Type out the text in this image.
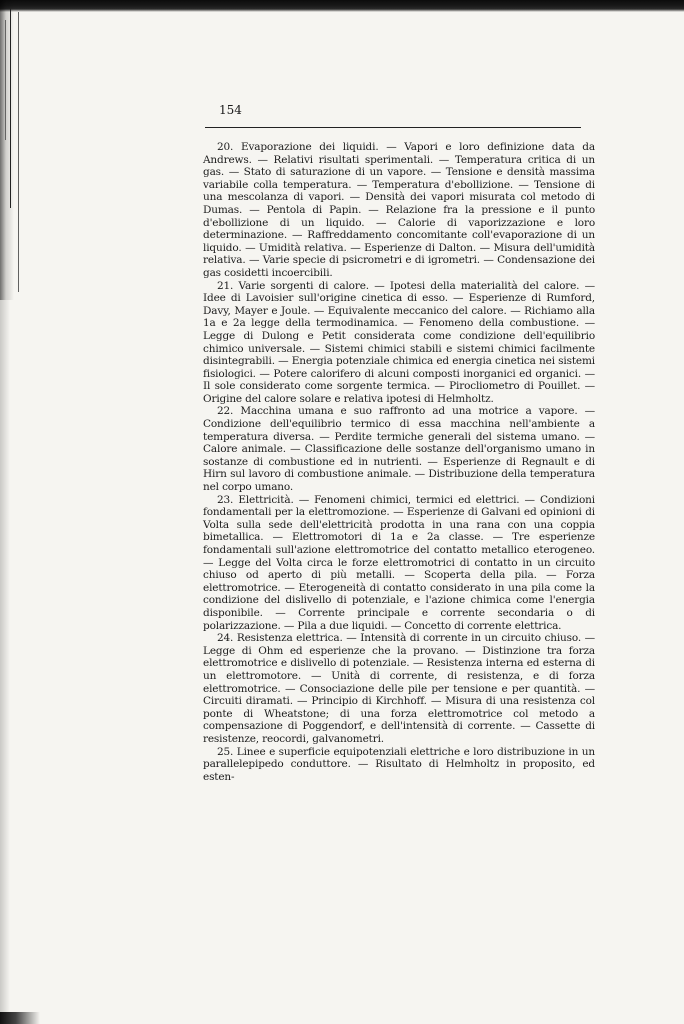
154

20. Evaporazione dei liquidi. — Vapori e loro definizione data da Andrews. — Relativi risultati sperimentali. — Temperatura critica di un gas. — Stato di saturazione di un vapore. — Tensione e densità massima variabile colla temperatura. — Temperatura d'ebollizione. — Tensione di una mescolanza di vapori. — Densità dei vapori misurata col metodo di Dumas. — Pentola di Papin. — Relazione fra la pressione e il punto d'ebollizione di un liquido. — Calorie di vaporizzazione e loro determinazione. — Raffreddamento concomitante coll'evaporazione di un liquido. — Umidità relativa. — Esperienze di Dalton. — Misura dell'umidità relativa. — Varie specie di psicrometri e di igrometri. — Condensazione dei gas cosidetti incoercibili.

21. Varie sorgenti di calore. — Ipotesi della materialità del calore. — Idee di Lavoisier sull'origine cinetica di esso. — Esperienze di Rumford, Davy, Mayer e Joule. — Equivalente meccanico del calore. — Richiamo alla 1a e 2a legge della termodinamica. — Fenomeno della combustione. — Legge di Dulong e Petit considerata come condizione dell'equilibrio chimico universale. — Sistemi chimici stabili e sistemi chimici facilmente disintegrabili. — Energia potenziale chimica ed energia cinetica nei sistemi fisiologici. — Potere calorifero di alcuni composti inorganici ed organici. — Il sole considerato come sorgente termica. — Pirocliometro di Pouillet. — Origine del calore solare e relativa ipotesi di Helmholtz.

22. Macchina umana e suo raffronto ad una motrice a vapore. — Condizione dell'equilibrio termico di essa macchina nell'ambiente a temperatura diversa. — Perdite termiche generali del sistema umano. — Calore animale. — Classificazione delle sostanze dell'organismo umano in sostanze di combustione ed in nutrienti. — Esperienze di Regnault e di Hirn sul lavoro di combustione animale. — Distribuzione della temperatura nel corpo umano.

23. Elettricità. — Fenomeni chimici, termici ed elettrici. — Condizioni fondamentali per la elettromozione. — Esperienze di Galvani ed opinioni di Volta sulla sede dell'elettricità prodotta in una rana con una coppia bimetallica. — Elettromotori di 1a e 2a classe. — Tre esperienze fondamentali sull'azione elettromotrice del contatto metallico eterogeneo. — Legge del Volta circa le forze elettromotrici di contatto in un circuito chiuso od aperto di più metalli. — Scoperta della pila. — Forza elettromotrice. — Eterogeneità di contatto considerato in una pila come la condizione del dislivello di potenziale, e l'azione chimica come l'energia disponibile. — Corrente principale e corrente secondaria o di polarizzazione. — Pila a due liquidi. — Concetto di corrente elettrica.

24. Resistenza elettrica. — Intensità di corrente in un circuito chiuso. — Legge di Ohm ed esperienze che la provano. — Distinzione tra forza elettromotrice e dislivello di potenziale. — Resistenza interna ed esterna di un elettromotore. — Unità di corrente, di resistenza, e di forza elettromotrice. — Consociazione delle pile per tensione e per quantità. — Circuiti diramati. — Principio di Kirchhoff. — Misura di una resistenza col ponte di Wheatstone; di una forza elettromotrice col metodo a compensazione di Poggendorf, e dell'intensità di corrente. — Cassette di resistenze, reocordi, galvanometri.

25. Linee e superficie equipotenziali elettriche e loro distribuzione in un parallelepipedo conduttore. — Risultato di Helmholtz in proposito, ed esten-
